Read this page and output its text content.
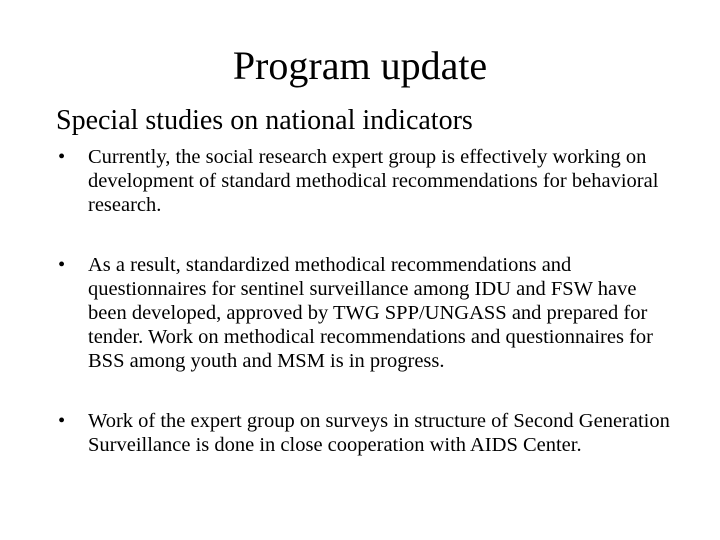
Program update
Special studies on national indicators
•	Currently, the social research expert group is effectively working on development of standard methodical recommendations for behavioral research.
•	As a result, standardized methodical recommendations and questionnaires for sentinel surveillance among IDU and FSW have been developed, approved by TWG SPP/UNGASS and prepared for tender. Work on methodical recommendations and questionnaires for BSS among youth and MSM is in progress.
•	Work of the expert group on surveys in structure of Second Generation Surveillance is done in close cooperation with AIDS Center.
